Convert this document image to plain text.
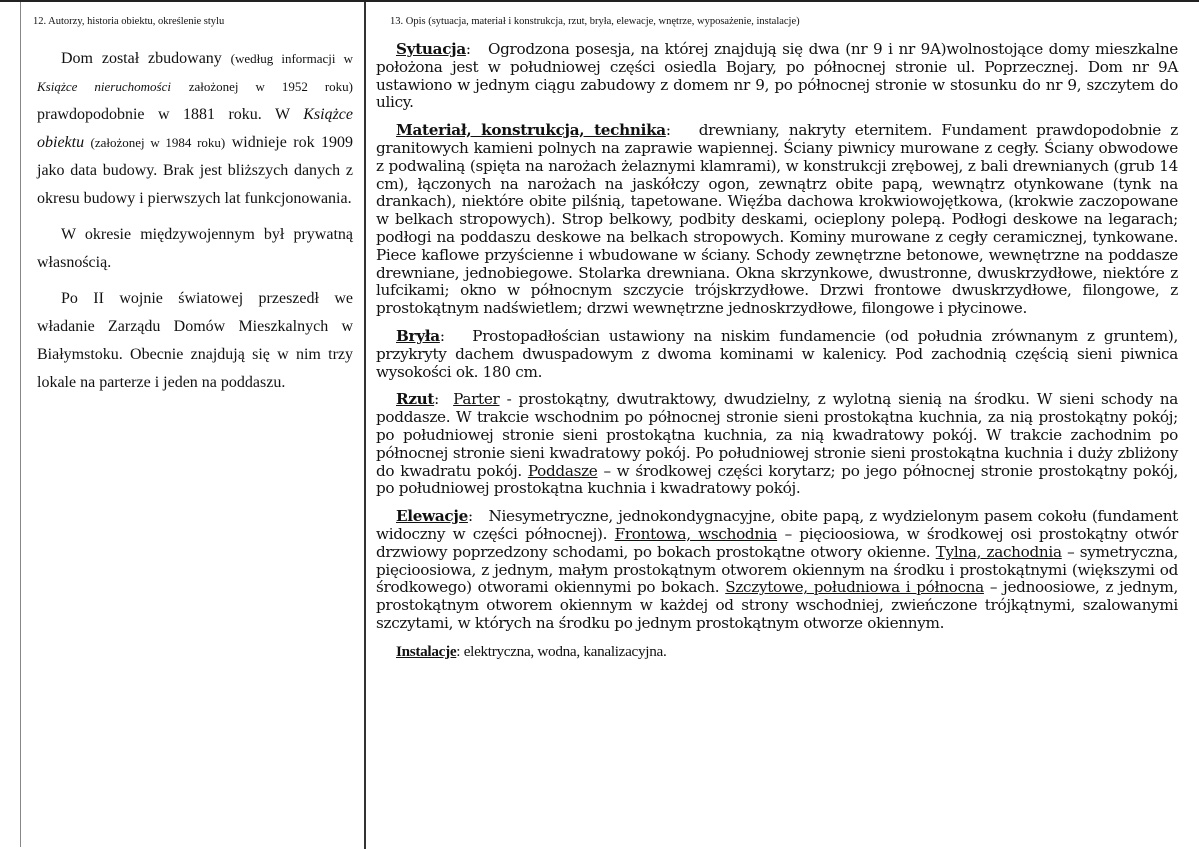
12. Autorzy, historia obiektu, określenie stylu

Dom został zbudowany (według informacji w Książce nieruchomości założonej w 1952 roku) prawdopodobnie w 1881 roku. W Książce obiektu (założonej w 1984 roku) widnieje rok 1909 jako data budowy. Brak jest bliższych danych z okresu budowy i pierwszych lat funkcjonowania.

W okresie międzywojennym był prywatną własnością.

Po II wojnie światowej przeszedł we władanie Zarządu Domów Mieszkalnych w Białymstoku. Obecnie znajdują się w nim trzy lokale na parterze i jeden na poddaszu.

13. Opis (sytuacja, materiał i konstrukcja, rzut, bryła, elewacje, wnętrze, wyposażenie, instalacje)

Sytuacja:   Ogrodzona posesja, na której znajdują się dwa (nr 9 i nr 9A)wolnostojące domy mieszkalne położona jest w południowej części osiedla Bojary, po północnej stronie ul. Poprzecznej. Dom nr 9A ustawiono w jednym ciągu zabudowy z domem nr 9, po północnej stronie w stosunku do nr 9, szczytem do ulicy.

Materiał, konstrukcja, technika:   drewniany, nakryty eternitem. Fundament prawdopodobnie z granitowych kamieni polnych na zaprawie wapiennej. Ściany piwnicy murowane z cegły. Ściany obwodowe z podwaliną (spięta na narożach żelaznymi klamrami), w konstrukcji zrębowej, z bali drewnianych (grub 14 cm), łączonych na narożach na jaskółczy ogon, zewnątrz obite papą, wewnątrz otynkowane (tynk na drankach), niektóre obite pilśnią, tapetowane. Więźba dachowa krokwiowojętkowa, (krokwie zaczopowane w belkach stropowych). Strop belkowy, podbity deskami, ocieplony polepą. Podłogi deskowe na legarach; podłogi na poddaszu deskowe na belkach stropowych. Kominy murowane z cegły ceramicznej, tynkowane. Piece kaflowe przyścienne i wbudowane w ściany. Schody zewnętrzne betonowe, wewnętrzne na poddasze drewniane, jednobiegowe. Stolarka drewniana. Okna skrzynkowe, dwustronne, dwuskrzydłowe, niektóre z lufcikami; okno w północnym szczycie trójskrzydłowe. Drzwi frontowe dwuskrzydłowe, filongowe, z prostokątnym nadświetlem; drzwi wewnętrzne jednoskrzydłowe, filongowe i płycinowe.

Bryła:   Prostopadłościan ustawiony na niskim fundamencie (od południa zrównanym z gruntem), przykryty dachem dwuspadowym z dwoma kominami w kalenicy. Pod zachodnią częścią sieni piwnica wysokości ok. 180 cm.

Rzut:  Parter - prostokątny, dwutraktowy, dwudzielny, z wylotną sienią na środku. W sieni schody na poddasze. W trakcie wschodnim po północnej stronie sieni prostokątna kuchnia, za nią prostokątny pokój; po południowej stronie sieni prostokątna kuchnia, za nią kwadratowy pokój. W trakcie zachodnim po północnej stronie sieni kwadratowy pokój. Po południowej stronie sieni prostokątna kuchnia i duży zbliżony do kwadratu pokój. Poddasze – w środkowej części korytarz; po jego północnej stronie prostokątny pokój, po południowej prostokątna kuchnia i kwadratowy pokój.

Elewacje:   Niesymetryczne, jednokondygnacyjne, obite papą, z wydzielonym pasem cokołu (fundament widoczny w części północnej). Frontowa, wschodnia – pięcioosiowa, w środkowej osi prostokątny otwór drzwiowy poprzedzony schodami, po bokach prostokątne otwory okienne. Tylna, zachodnia – symetryczna, pięcioosiowa, z jednym, małym prostokątnym otworem okiennym na środku i prostokątnymi (większymi od środkowego) otworami okiennymi po bokach. Szczytowe, południowa i północna – jednoosiowe, z jednym, prostokątnym otworem okiennym w każdej od strony wschodniej, zwieńczone trójkątnymi, szalowanymi szczytami, w których na środku po jednym prostokątnym otworze okiennym.

Instalacje: elektryczna, wodna, kanalizacyjna.
